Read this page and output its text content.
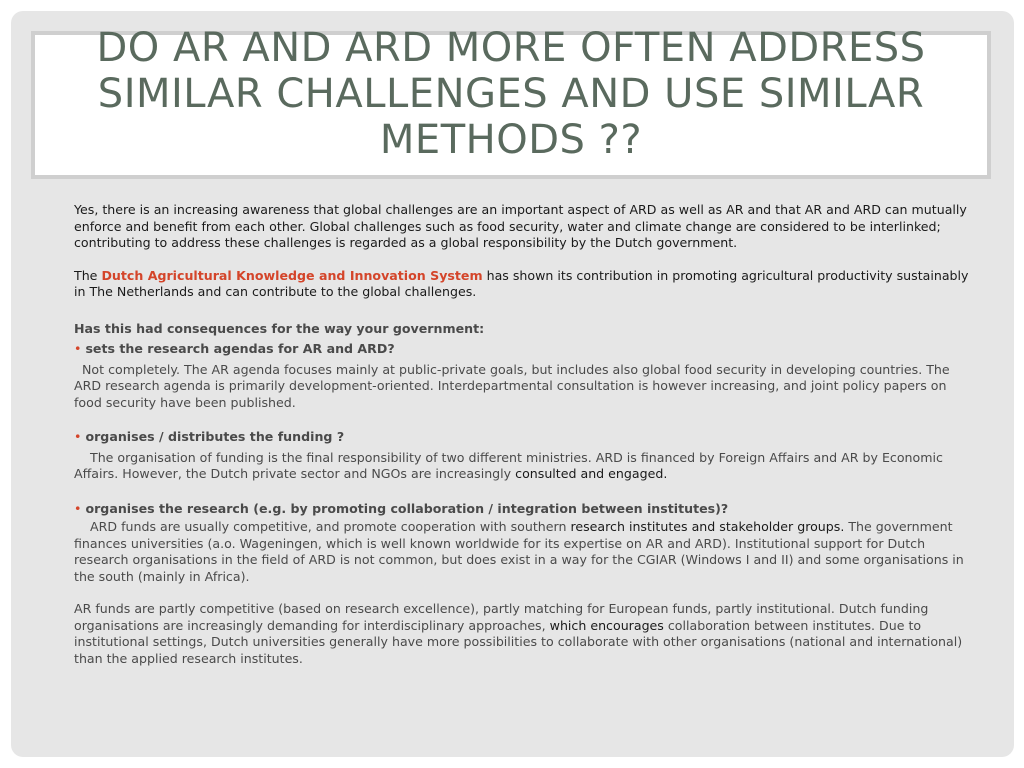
DO AR AND ARD MORE OFTEN ADDRESS SIMILAR CHALLENGES AND USE SIMILAR METHODS ??

Yes, there is an increasing awareness that global challenges are an important aspect of ARD as well as AR and that AR and ARD can mutually enforce and benefit from each other. Global challenges such as food security, water and climate change are considered to be interlinked; contributing to address these challenges is regarded as a global responsibility by the Dutch government.

The Dutch Agricultural Knowledge and Innovation System has shown its contribution in promoting agricultural productivity sustainably in The Netherlands and can contribute to the global challenges.

Has this had consequences for the way your government:

• sets the research agendas for AR and ARD?

Not completely. The AR agenda focuses mainly at public-private goals, but includes also global food security in developing countries. The ARD research agenda is primarily development-oriented. Interdepartmental consultation is however increasing, and joint policy papers on food security have been published.

• organises / distributes the funding ?

The organisation of funding is the final responsibility of two different ministries. ARD is financed by Foreign Affairs and AR by Economic Affairs. However, the Dutch private sector and NGOs are increasingly consulted and engaged.

• organises the research (e.g. by promoting collaboration / integration between institutes)?

ARD funds are usually competitive, and promote cooperation with southern research institutes and stakeholder groups. The government finances universities (a.o. Wageningen, which is well known worldwide for its expertise on AR and ARD). Institutional support for Dutch research organisations in the field of ARD is not common, but does exist in a way for the CGIAR (Windows I and II) and some organisations in the south (mainly in Africa).

AR funds are partly competitive (based on research excellence), partly matching for European funds, partly institutional. Dutch funding organisations are increasingly demanding for interdisciplinary approaches, which encourages collaboration between institutes. Due to institutional settings, Dutch universities generally have more possibilities to collaborate with other organisations (national and international) than the applied research institutes.
